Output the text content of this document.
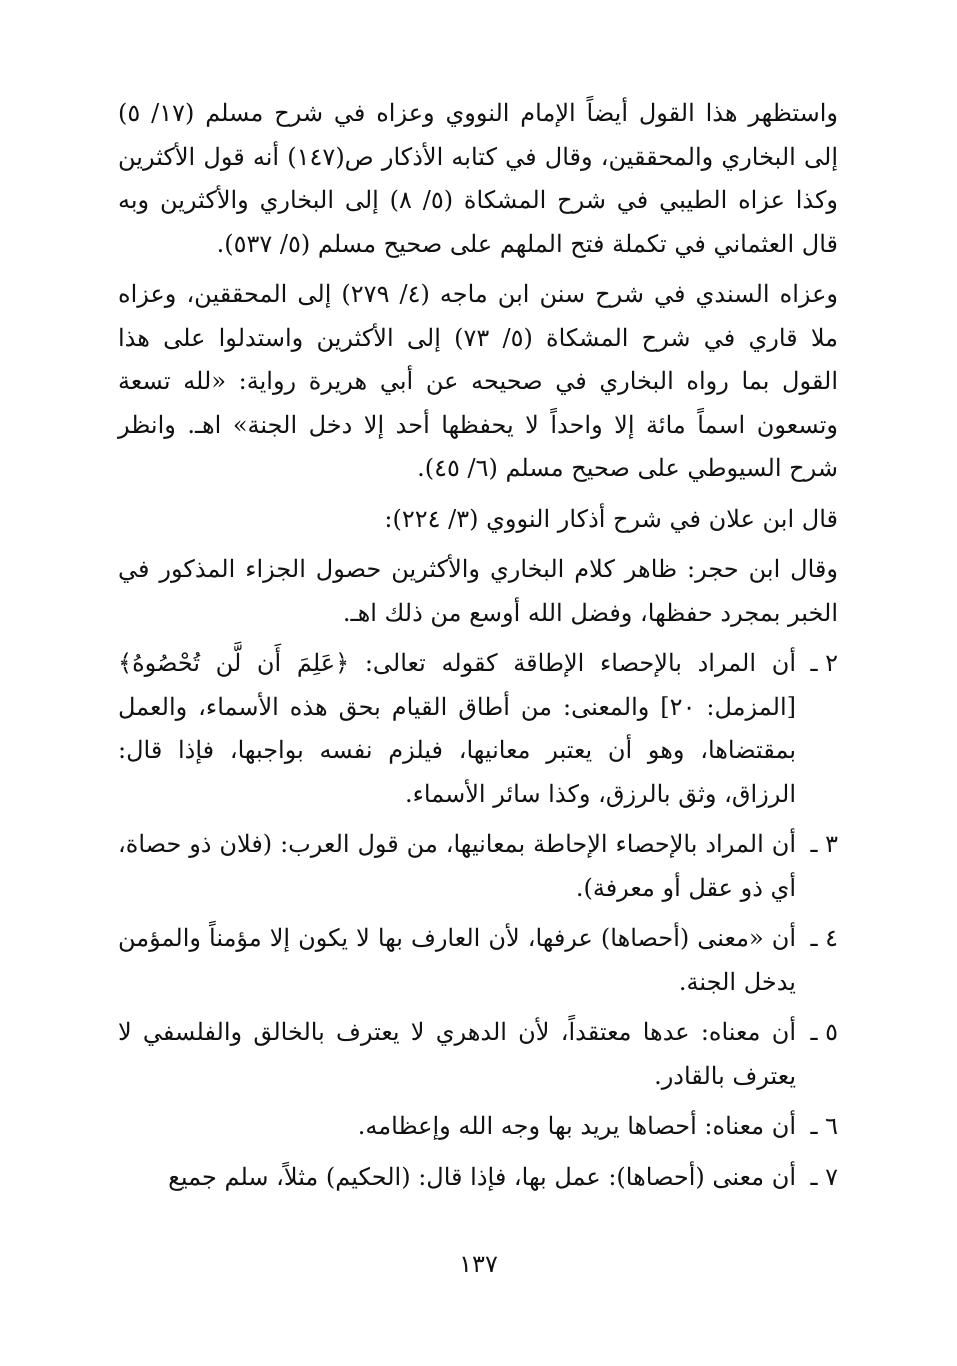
واستظهر هذا القول أيضاً الإمام النووي وعزاه في شرح مسلم (١٧/ ٥) إلى البخاري والمحققين، وقال في كتابه الأذكار ص(١٤٧) أنه قول الأكثرين وكذا عزاه الطيبي في شرح المشكاة (٥/ ٨) إلى البخاري والأكثرين وبه قال العثماني في تكملة فتح الملهم على صحيح مسلم (٥/ ٥٣٧).

وعزاه السندي في شرح سنن ابن ماجه (٤/ ٢٧٩) إلى المحققين، وعزاه ملا قاري في شرح المشكاة (٥/ ٧٣) إلى الأكثرين واستدلوا على هذا القول بما رواه البخاري في صحيحه عن أبي هريرة رواية: «لله تسعة وتسعون اسماً مائة إلا واحداً لا يحفظها أحد إلا دخل الجنة» اهـ. وانظر شرح السيوطي على صحيح مسلم (٦/ ٤٥).

قال ابن علان في شرح أذكار النووي (٣/ ٢٢٤):

وقال ابن حجر: ظاهر كلام البخاري والأكثرين حصول الجزاء المذكور في الخبر بمجرد حفظها، وفضل الله أوسع من ذلك اهـ.

٢ ـ
أن المراد بالإحصاء الإطاقة كقوله تعالى: ﴿عَلِمَ أَن لَّن تُحْصُوهُ﴾ [المزمل: ٢٠] والمعنى: من أطاق القيام بحق هذه الأسماء، والعمل بمقتضاها، وهو أن يعتبر معانيها، فيلزم نفسه بواجبها، فإذا قال: الرزاق، وثق بالرزق، وكذا سائر الأسماء.
٣ ـ
أن المراد بالإحصاء الإحاطة بمعانيها، من قول العرب: (فلان ذو حصاة، أي ذو عقل أو معرفة).
٤ ـ
أن «معنى (أحصاها) عرفها، لأن العارف بها لا يكون إلا مؤمناً والمؤمن يدخل الجنة.
٥ ـ
أن معناه: عدها معتقداً، لأن الدهري لا يعترف بالخالق والفلسفي لا يعترف بالقادر.
٦ ـ
أن معناه: أحصاها يريد بها وجه الله وإعظامه.
٧ ـ
أن معنى (أحصاها): عمل بها، فإذا قال: (الحكيم) مثلاً، سلم جميع
١٣٧
